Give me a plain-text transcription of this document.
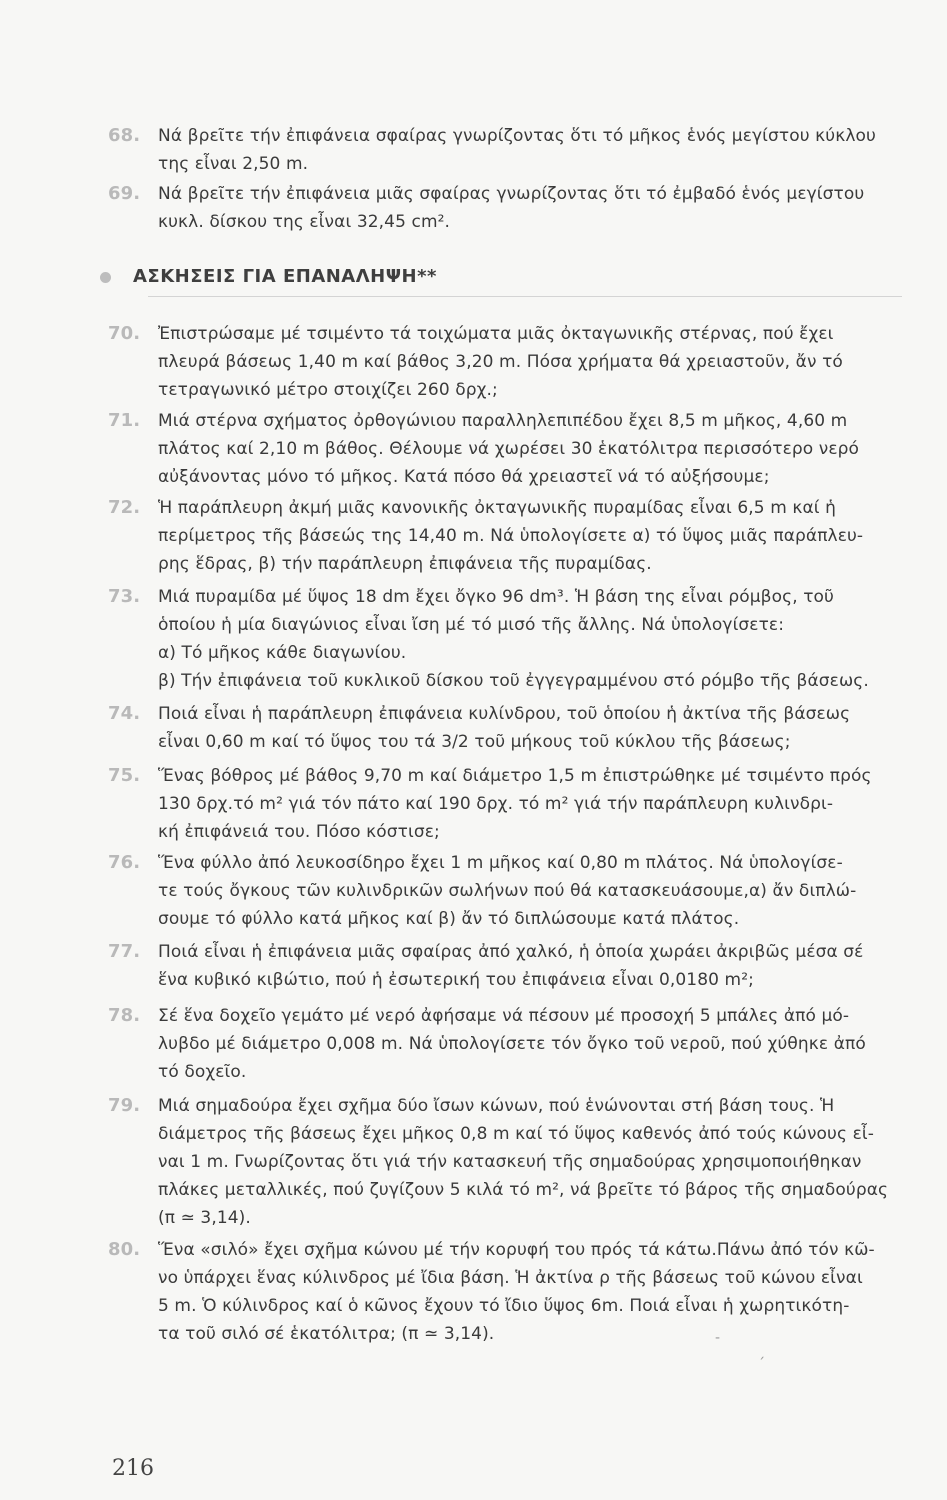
68.	Νά βρεῖτε τήν ἐπιφάνεια σφαίρας γνωρίζοντας ὅτι τό μῆκος ἑνός μεγίστου κύκλου
της εἶναι 2,50 m.
69.	Νά βρεῖτε τήν ἐπιφάνεια μιᾶς σφαίρας γνωρίζοντας ὅτι τό ἐμβαδό ἑνός μεγίστου
κυκλ. δίσκου της εἶναι 32,45 cm².
ΑΣΚΗΣΕΙΣ ΓΙΑ ΕΠΑΝΑΛΗΨΗ**
70.	Ἐπιστρώσαμε μέ τσιμέντο τά τοιχώματα μιᾶς ὀκταγωνικῆς στέρνας, πού ἔχει
πλευρά βάσεως 1,40 m καί βάθος 3,20 m. Πόσα χρήματα θά χρειαστοῦν, ἄν τό
τετραγωνικό μέτρο στοιχίζει 260 δρχ.;
71.	Μιά στέρνα σχήματος ὀρθογώνιου παραλληλεπιπέδου ἔχει 8,5 m μῆκος, 4,60 m
πλάτος καί 2,10 m βάθος. Θέλουμε νά χωρέσει 30 ἑκατόλιτρα περισσότερο νερό
αὐξάνοντας μόνο τό μῆκος. Κατά πόσο θά χρειαστεῖ νά τό αὐξήσουμε;
72.	Ἡ παράπλευρη ἀκμή μιᾶς κανονικῆς ὀκταγωνικῆς πυραμίδας εἶναι 6,5 m καί ἡ
περίμετρος τῆς βάσεώς της 14,40 m. Νά ὑπολογίσετε α) τό ὕψος μιᾶς παράπλευ-
ρης ἕδρας, β) τήν παράπλευρη ἐπιφάνεια τῆς πυραμίδας.
73.	Μιά πυραμίδα μέ ὕψος 18 dm ἔχει ὄγκο 96 dm³. Ἡ βάση της εἶναι ρόμβος, τοῦ
ὁποίου ἡ μία διαγώνιος εἶναι ἴση μέ τό μισό τῆς ἄλλης. Νά ὑπολογίσετε:
α) Τό μῆκος κάθε διαγωνίου.
β) Τήν ἐπιφάνεια τοῦ κυκλικοῦ δίσκου τοῦ ἐγγεγραμμένου στό ρόμβο τῆς βάσεως.
74.	Ποιά εἶναι ἡ παράπλευρη ἐπιφάνεια κυλίνδρου, τοῦ ὁποίου ἡ ἀκτίνα τῆς βάσεως
εἶναι 0,60 m καί τό ὕψος του τά 3/2 τοῦ μήκους τοῦ κύκλου τῆς βάσεως;
75.	Ἕνας βόθρος μέ βάθος 9,70 m καί διάμετρο 1,5 m ἐπιστρώθηκε μέ τσιμέντο πρός
130 δρχ.τό m² γιά τόν πάτο καί 190 δρχ. τό m² γιά τήν παράπλευρη κυλινδρι-
κή ἐπιφάνειά του. Πόσο κόστισε;
76.	Ἕνα φύλλο ἀπό λευκοσίδηρο ἔχει 1 m μῆκος καί 0,80 m πλάτος. Νά ὑπολογίσε-
τε τούς ὄγκους τῶν κυλινδρικῶν σωλήνων πού θά κατασκευάσουμε,α) ἄν διπλώ-
σουμε τό φύλλο κατά μῆκος καί β) ἄν τό διπλώσουμε κατά πλάτος.
77.	Ποιά εἶναι ἡ ἐπιφάνεια μιᾶς σφαίρας ἀπό χαλκό, ἡ ὁποία χωράει ἀκριβῶς μέσα σέ
ἕνα κυβικό κιβώτιο, πού ἡ ἐσωτερική του ἐπιφάνεια εἶναι 0,0180 m²;
78.	Σέ ἕνα δοχεῖο γεμάτο μέ νερό ἀφήσαμε νά πέσουν μέ προσοχή 5 μπάλες ἀπό μό-
λυβδο μέ διάμετρο 0,008 m. Νά ὑπολογίσετε τόν ὄγκο τοῦ νεροῦ, πού χύθηκε ἀπό
τό δοχεῖο.
79.	Μιά σημαδούρα ἔχει σχῆμα δύο ἴσων κώνων, πού ἑνώνονται στή βάση τους. Ἡ
διάμετρος τῆς βάσεως ἔχει μῆκος 0,8 m καί τό ὕψος καθενός ἀπό τούς κώνους εἶ-
ναι 1 m. Γνωρίζοντας ὅτι γιά τήν κατασκευή τῆς σημαδούρας χρησιμοποιήθηκαν
πλάκες μεταλλικές, πού ζυγίζουν 5 κιλά τό m², νά βρεῖτε τό βάρος τῆς σημαδούρας
(π ≃ 3,14).
80.	Ἕνα «σιλό» ἔχει σχῆμα κώνου μέ τήν κορυφή του πρός τά κάτω.Πάνω ἀπό τόν κῶ-
νο ὑπάρχει ἕνας κύλινδρος μέ ἴδια βάση. Ἡ ἀκτίνα ρ τῆς βάσεως τοῦ κώνου εἶναι
5 m. Ὁ κύλινδρος καί ὁ κῶνος ἔχουν τό ἴδιο ὕψος 6m. Ποιά εἶναι ἡ χωρητικότη-
τα τοῦ σιλό σέ ἑκατόλιτρα; (π ≃ 3,14).	-
ˏ
216
